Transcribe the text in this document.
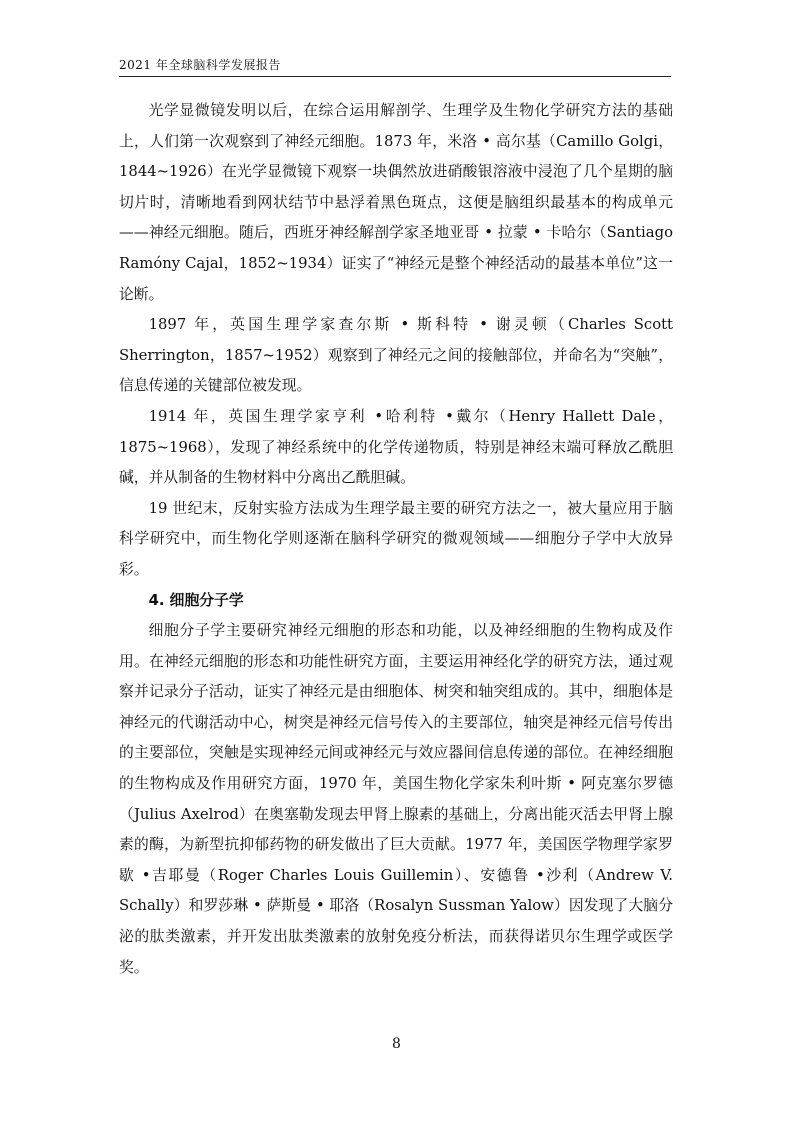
2021 年全球脑科学发展报告

光学显微镜发明以后，在综合运用解剖学、生理学及生物化学研究方法的基础上，人们第一次观察到了神经元细胞。1873 年，米洛 • 高尔基（Camillo Golgi，1844~1926）在光学显微镜下观察一块偶然放进硝酸银溶液中浸泡了几个星期的脑切片时，清晰地看到网状结节中悬浮着黑色斑点，这便是脑组织最基本的构成单元——神经元细胞。随后，西班牙神经解剖学家圣地亚哥 • 拉蒙 • 卡哈尔（Santiago Ramóny Cajal，1852~1934）证实了“神经元是整个神经活动的最基本单位”这一论断。

1897 年，英国生理学家查尔斯 • 斯科特 • 谢灵顿（Charles Scott Sherrington，1857~1952）观察到了神经元之间的接触部位，并命名为“突触”，信息传递的关键部位被发现。

1914 年，英国生理学家亨利 •哈利特 •戴尔（Henry Hallett Dale，1875~1968），发现了神经系统中的化学传递物质，特别是神经末端可释放乙酰胆碱，并从制备的生物材料中分离出乙酰胆碱。

19 世纪末，反射实验方法成为生理学最主要的研究方法之一，被大量应用于脑科学研究中，而生物化学则逐渐在脑科学研究的微观领域——细胞分子学中大放异彩。

4. 细胞分子学

细胞分子学主要研究神经元细胞的形态和功能，以及神经细胞的生物构成及作用。在神经元细胞的形态和功能性研究方面，主要运用神经化学的研究方法，通过观察并记录分子活动，证实了神经元是由细胞体、树突和轴突组成的。其中，细胞体是神经元的代谢活动中心，树突是神经元信号传入的主要部位，轴突是神经元信号传出的主要部位，突触是实现神经元间或神经元与效应器间信息传递的部位。在神经细胞的生物构成及作用研究方面，1970 年，美国生物化学家朱利叶斯 • 阿克塞尔罗德（Julius Axelrod）在奥塞勒发现去甲肾上腺素的基础上，分离出能灭活去甲肾上腺素的酶，为新型抗抑郁药物的研发做出了巨大贡献。1977 年，美国医学物理学家罗歇 •吉耶曼（Roger Charles Louis Guillemin）、安德鲁 •沙利（Andrew V. Schally）和罗莎琳 • 萨斯曼 • 耶洛（Rosalyn Sussman Yalow）因发现了大脑分泌的肽类激素，并开发出肽类激素的放射免疫分析法，而获得诺贝尔生理学或医学奖。

8
